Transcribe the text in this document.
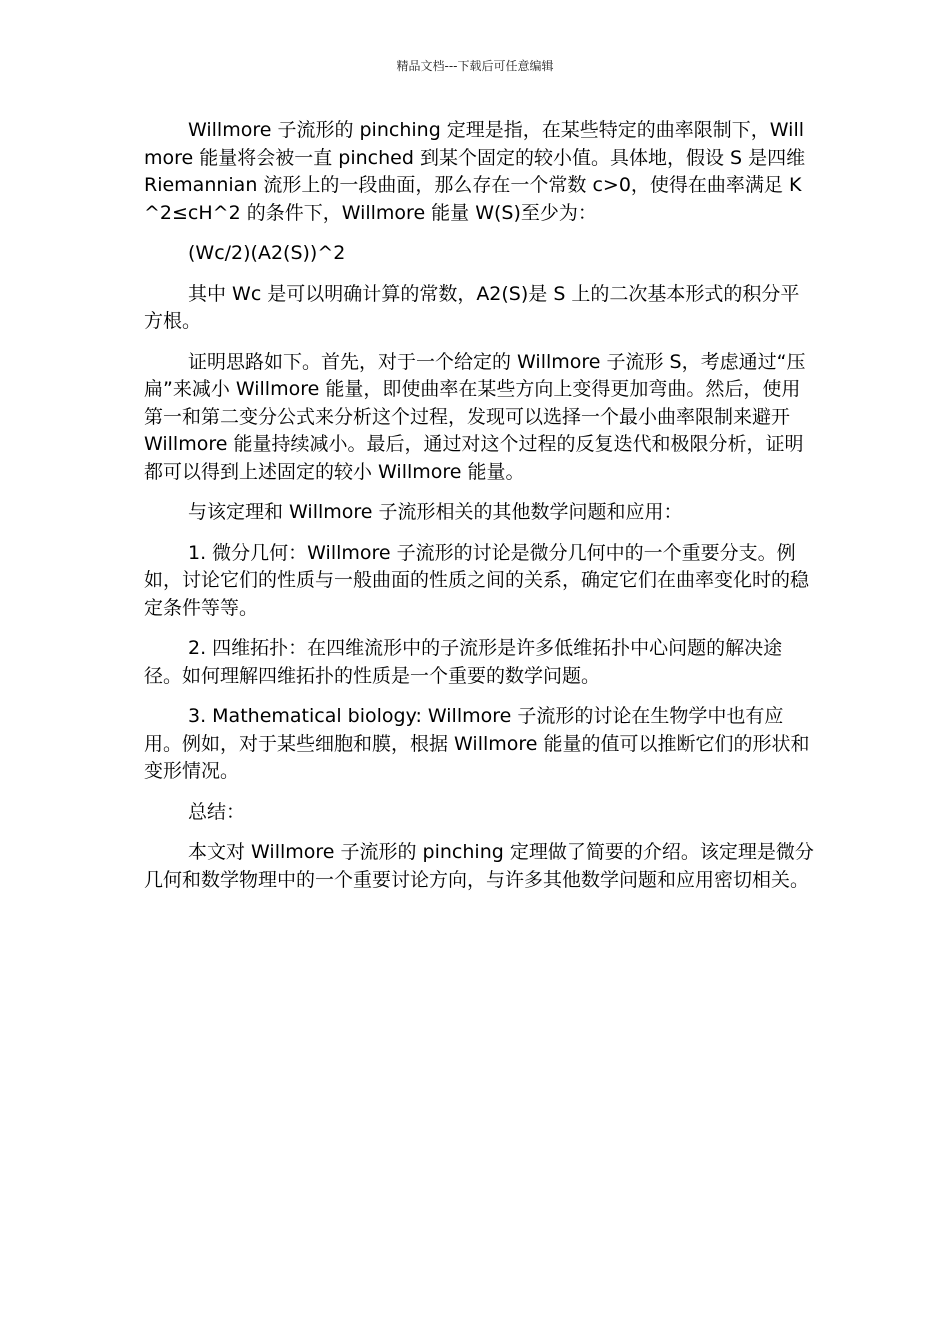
精品文档---下载后可任意编辑

Willmore 子流形的 pinching 定理是指，在某些特定的曲率限制下，Willmore 能量将会被一直 pinched 到某个固定的较小值。具体地，假设 S 是四维 Riemannian 流形上的一段曲面，那么存在一个常数 c>0，使得在曲率满足 K^2≤cH^2 的条件下，Willmore 能量 W(S)至少为：

(Wc/2)(A2(S))^2

其中 Wc 是可以明确计算的常数，A2(S)是 S 上的二次基本形式的积分平方根。

证明思路如下。首先，对于一个给定的 Willmore 子流形 S，考虑通过“压扁”来减小 Willmore 能量，即使曲率在某些方向上变得更加弯曲。然后，使用第一和第二变分公式来分析这个过程，发现可以选择一个最小曲率限制来避开 Willmore 能量持续减小。最后，通过对这个过程的反复迭代和极限分析，证明都可以得到上述固定的较小 Willmore 能量。

与该定理和 Willmore 子流形相关的其他数学问题和应用：

1. 微分几何：Willmore 子流形的讨论是微分几何中的一个重要分支。例如，讨论它们的性质与一般曲面的性质之间的关系，确定它们在曲率变化时的稳定条件等等。

2. 四维拓扑：在四维流形中的子流形是许多低维拓扑中心问题的解决途径。如何理解四维拓扑的性质是一个重要的数学问题。

3. Mathematical biology: Willmore 子流形的讨论在生物学中也有应用。例如，对于某些细胞和膜，根据 Willmore 能量的值可以推断它们的形状和变形情况。

总结：

本文对 Willmore 子流形的 pinching 定理做了简要的介绍。该定理是微分几何和数学物理中的一个重要讨论方向，与许多其他数学问题和应用密切相关。
